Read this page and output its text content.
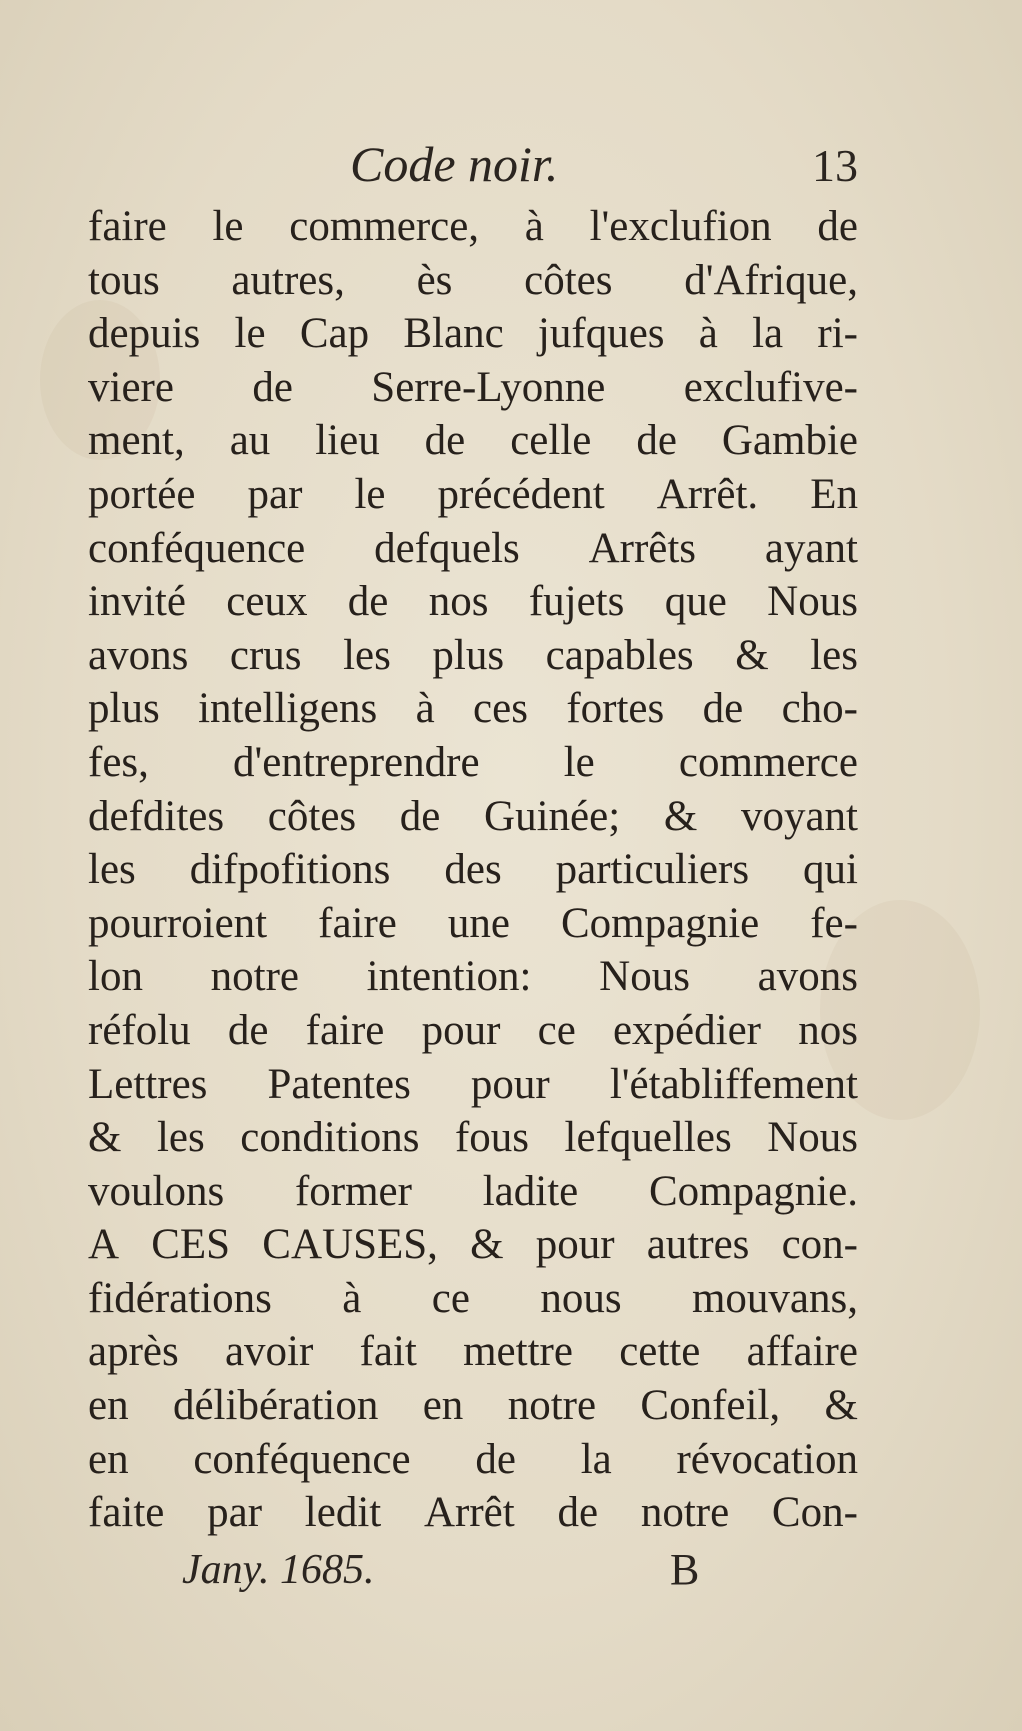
Code noir.	13
faire le commerce, à l'exclufion de
tous autres, ès côtes d'Afrique,
depuis le Cap Blanc jufques à la ri-
viere de Serre-Lyonne exclufive-
ment, au lieu de celle de Gambie
portée par le précédent Arrêt. En
conféquence defquels Arrêts ayant
invité ceux de nos fujets que Nous
avons crus les plus capables & les
plus intelligens à ces fortes de cho-
fes, d'entreprendre le commerce
defdites côtes de Guinée; & voyant
les difpofitions des particuliers qui
pourroient faire une Compagnie fe-
lon notre intention: Nous avons
réfolu de faire pour ce expédier nos
Lettres Patentes pour l'établiffement
& les conditions fous lefquelles Nous
voulons former ladite Compagnie.
A CES CAUSES, & pour autres con-
fidérations à ce nous mouvans,
après avoir fait mettre cette affaire
en délibération en notre Confeil, &
en conféquence de la révocation
faite par ledit Arrêt de notre Con-
Jany. 1685.	B
